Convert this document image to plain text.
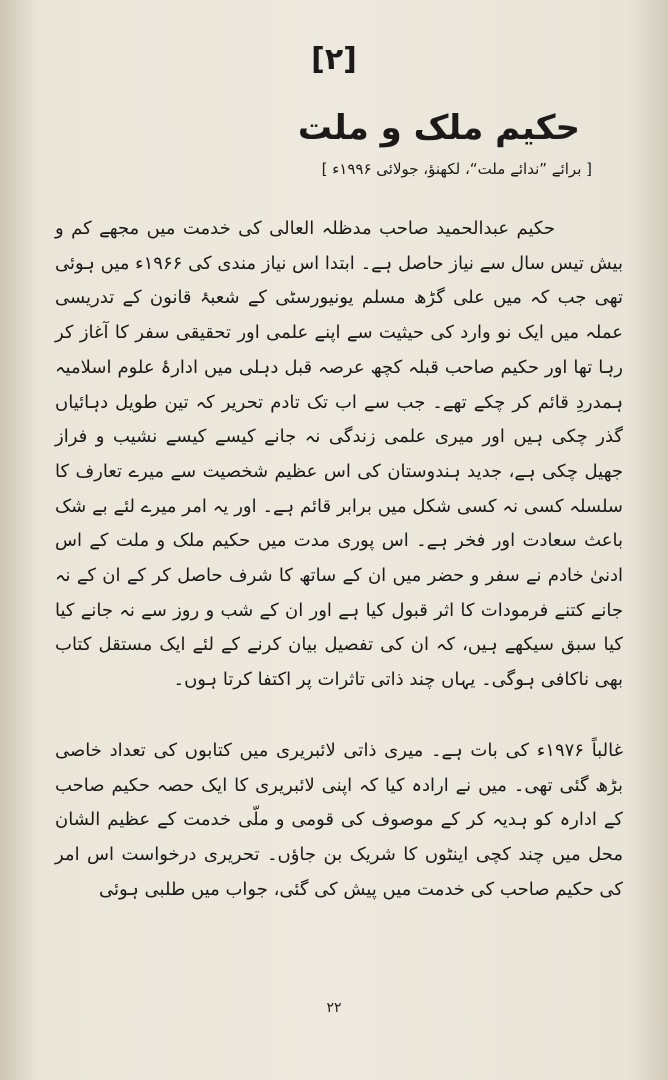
[۲]
حکیم ملک و ملت
[ برائے ”ندائے ملت“، لکھنؤ، جولائی ۱۹۹۶ء ]

حکیم عبدالحمید صاحب مدظلہ العالی کی خدمت میں مجھے کم و بیش تیس سال سے نیاز حاصل ہے۔ ابتدا اس نیاز مندی کی ۱۹۶۶ء میں ہوئی تھی جب کہ میں علی گڑھ مسلم یونیورسٹی کے شعبۂ قانون کے تدریسی عملہ میں ایک نو وارد کی حیثیت سے اپنے علمی اور تحقیقی سفر کا آغاز کر رہا تھا اور حکیم صاحب قبلہ کچھ عرصہ قبل دہلی میں ادارۂ علوم اسلامیہ ہمدردِ قائم کر چکے تھے۔ جب سے اب تک تادم تحریر کہ تین طویل دہائیاں گذر چکی ہیں اور میری علمی زندگی نہ جانے کیسے کیسے نشیب و فراز جھیل چکی ہے، جدید ہندوستان کی اس عظیم شخصیت سے میرے تعارف کا سلسلہ کسی نہ کسی شکل میں برابر قائم ہے۔ اور یہ امر میرے لئے بے شک باعث سعادت اور فخر ہے۔ اس پوری مدت میں حکیم ملک و ملت کے اس ادنیٰ خادم نے سفر و حضر میں ان کے ساتھ کا شرف حاصل کر کے ان کے نہ جانے کتنے فرمودات کا اثر قبول کیا ہے اور ان کے شب و روز سے نہ جانے کیا کیا سبق سیکھے ہیں، کہ ان کی تفصیل بیان کرنے کے لئے ایک مستقل کتاب بھی ناکافی ہوگی۔ یہاں چند ذاتی تاثرات پر اکتفا کرتا ہوں۔

غالباً ۱۹۷۶ء کی بات ہے۔ میری ذاتی لائبریری میں کتابوں کی تعداد خاصی بڑھ گئی تھی۔ میں نے ارادہ کیا کہ اپنی لائبریری کا ایک حصہ حکیم صاحب کے ادارہ کو ہدیہ کر کے موصوف کی قومی و ملّی خدمت کے عظیم الشان محل میں چند کچی اینٹوں کا شریک بن جاؤں۔ تحریری درخواست اس امر کی حکیم صاحب کی خدمت میں پیش کی گئی، جواب میں طلبی ہوئی

۲۲
